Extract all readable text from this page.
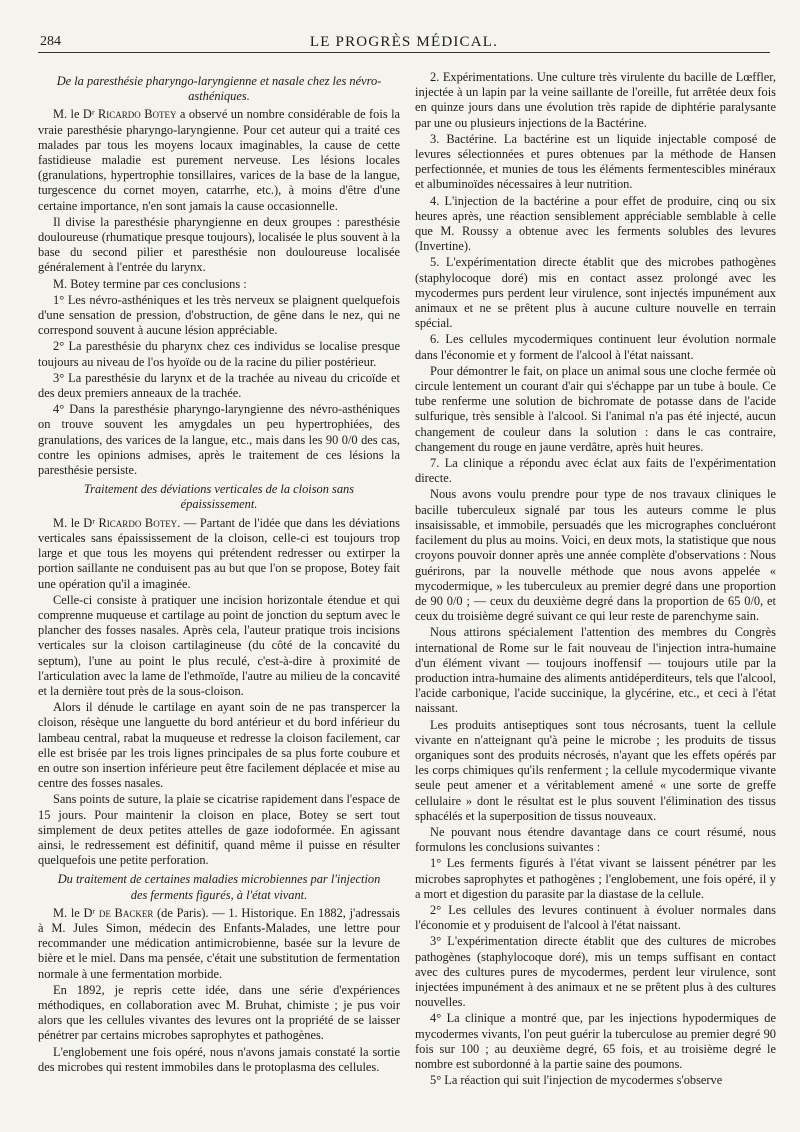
284	LE PROGRÈS MÉDICAL.

De la paresthésie pharyngo-laryngienne et nasale chez les névro-asthéniques.

M. le Dʳ Ricardo Botey a observé un nombre considérable de fois la vraie paresthésie pharyngo-laryngienne. Pour cet auteur qui a traité ces malades par tous les moyens locaux imaginables, la cause de cette fastidieuse maladie est purement nerveuse. Les lésions locales (granulations, hypertrophie tonsillaires, varices de la base de la langue, turgescence du cornet moyen, catarrhe, etc.), à moins d'être d'une certaine importance, n'en sont jamais la cause occasionnelle.

Il divise la paresthésie pharyngienne en deux groupes : paresthésie douloureuse (rhumatique presque toujours), localisée le plus souvent à la base du second pilier et paresthésie non douloureuse localisée généralement à l'entrée du larynx.

M. Botey termine par ces conclusions :

1° Les névro-asthéniques et les très nerveux se plaignent quelquefois d'une sensation de pression, d'obstruction, de gêne dans le nez, qui ne correspond souvent à aucune lésion appréciable.

2° La paresthésie du pharynx chez ces individus se localise presque toujours au niveau de l'os hyoïde ou de la racine du pilier postérieur.

3° La paresthésie du larynx et de la trachée au niveau du cricoïde et des deux premiers anneaux de la trachée.

4° Dans la paresthésie pharyngo-laryngienne des névro-asthéniques on trouve souvent les amygdales un peu hypertrophiées, des granulations, des varices de la langue, etc., mais dans les 90 0/0 des cas, contre les opinions admises, après le traitement de ces lésions la paresthésie persiste.

Traitement des déviations verticales de la cloison sans épaississement.

M. le Dʳ Ricardo Botey. — Partant de l'idée que dans les déviations verticales sans épaississement de la cloison, celle-ci est toujours trop large et que tous les moyens qui prétendent redresser ou extirper la portion saillante ne conduisent pas au but que l'on se propose, Botey fait une opération qu'il a imaginée.

Celle-ci consiste à pratiquer une incision horizontale étendue et qui comprenne muqueuse et cartilage au point de jonction du septum avec le plancher des fosses nasales. Après cela, l'auteur pratique trois incisions verticales sur la cloison cartilagineuse (du côté de la concavité du septum), l'une au point le plus reculé, c'est-à-dire à proximité de l'articulation avec la lame de l'ethmoïde, l'autre au milieu de la concavité et la dernière tout près de la sous-cloison.

Alors il dénude le cartilage en ayant soin de ne pas transpercer la cloison, résèque une languette du bord antérieur et du bord inférieur du lambeau central, rabat la muqueuse et redresse la cloison facilement, car elle est brisée par les trois lignes principales de sa plus forte coubure et en outre son insertion inférieure peut être facilement déplacée et mise au centre des fosses nasales.

Sans points de suture, la plaie se cicatrise rapidement dans l'espace de 15 jours. Pour maintenir la cloison en place, Botey se sert tout simplement de deux petites attelles de gaze iodoformée. En agissant ainsi, le redressement est définitif, quand même il puisse en résulter quelquefois une petite perforation.

Du traitement de certaines maladies microbiennes par l'injection des ferments figurés, à l'état vivant.

M. le Dʳ de Backer (de Paris). — 1. Historique. En 1882, j'adressais à M. Jules Simon, médecin des Enfants-Malades, une lettre pour recommander une médication antimicrobienne, basée sur la levure de bière et le miel. Dans ma pensée, c'était une substitution de fermentation normale à une fermentation morbide.

En 1892, je repris cette idée, dans une série d'expériences méthodiques, en collaboration avec M. Bruhat, chimiste ; je pus voir alors que les cellules vivantes des levures ont la propriété de se laisser pénétrer par certains microbes saprophytes et pathogènes.

L'englobement une fois opéré, nous n'avons jamais constaté la sortie des microbes qui restent immobiles dans le protoplasma des cellules.

2. Expérimentations. Une culture très virulente du bacille de Lœffler, injectée à un lapin par la veine saillante de l'oreille, fut arrêtée deux fois en quinze jours dans une évolution très rapide de diphtérie paralysante par une ou plusieurs injections de la Bactérine.

3. Bactérine. La bactérine est un liquide injectable composé de levures sélectionnées et pures obtenues par la méthode de Hansen perfectionnée, et munies de tous les éléments fermentescibles minéraux et albuminoïdes nécessaires à leur nutrition.

4. L'injection de la bactérine a pour effet de produire, cinq ou six heures après, une réaction sensiblement appréciable semblable à celle que M. Roussy a obtenue avec les ferments solubles des levures (Invertine).

5. L'expérimentation directe établit que des microbes pathogènes (staphylocoque doré) mis en contact assez prolongé avec les mycodermes purs perdent leur virulence, sont injectés impunément aux animaux et ne se prêtent plus à aucune culture nouvelle en terrain spécial.

6. Les cellules mycodermiques continuent leur évolution normale dans l'économie et y forment de l'alcool à l'état naissant.

Pour démontrer le fait, on place un animal sous une cloche fermée où circule lentement un courant d'air qui s'échappe par un tube à boule. Ce tube renferme une solution de bichromate de potasse dans de l'acide sulfurique, très sensible à l'alcool. Si l'animal n'a pas été injecté, aucun changement de couleur dans la solution : dans le cas contraire, changement du rouge en jaune verdâtre, après huit heures.

7. La clinique a répondu avec éclat aux faits de l'expérimentation directe.

Nous avons voulu prendre pour type de nos travaux cliniques le bacille tuberculeux signalé par tous les auteurs comme le plus insaisissable, et immobile, persuadés que les micrographes concluéront facilement du plus au moins. Voici, en deux mots, la statistique que nous croyons pouvoir donner après une année complète d'observations : Nous guérirons, par la nouvelle méthode que nous avons appelée « mycodermique, » les tuberculeux au premier degré dans une proportion de 90 0/0 ; — ceux du deuxième degré dans la proportion de 65 0/0, et ceux du troisième degré suivant ce qui leur reste de parenchyme sain.

Nous attirons spécialement l'attention des membres du Congrès international de Rome sur le fait nouveau de l'injection intra-humaine d'un élément vivant — toujours inoffensif — toujours utile par la production intra-humaine des aliments antidéperditeurs, tels que l'alcool, l'acide carbonique, l'acide succinique, la glycérine, etc., et ceci à l'état naissant.

Les produits antiseptiques sont tous nécrosants, tuent la cellule vivante en n'atteignant qu'à peine le microbe ; les produits de tissus organiques sont des produits nécrosés, n'ayant que les effets opérés par les corps chimiques qu'ils renferment ; la cellule mycodermique vivante seule peut amener et a véritablement amené « une sorte de greffe cellulaire » dont le résultat est le plus souvent l'élimination des tissus sphacélés et la superposition de tissus nouveaux.

Ne pouvant nous étendre davantage dans ce court résumé, nous formulons les conclusions suivantes :

1° Les ferments figurés à l'état vivant se laissent pénétrer par les microbes saprophytes et pathogènes ; l'englobement, une fois opéré, il y a mort et digestion du parasite par la diastase de la cellule.

2° Les cellules des levures continuent à évoluer normales dans l'économie et y produisent de l'alcool à l'état naissant.

3° L'expérimentation directe établit que des cultures de microbes pathogènes (staphylocoque doré), mis un temps suffisant en contact avec des cultures pures de mycodermes, perdent leur virulence, sont injectées impunément à des animaux et ne se prêtent plus à des cultures nouvelles.

4° La clinique a montré que, par les injections hypodermiques de mycodermes vivants, l'on peut guérir la tuberculose au premier degré 90 fois sur 100 ; au deuxième degré, 65 fois, et au troisième degré le nombre est subordonné à la partie saine des poumons.

5° La réaction qui suit l'injection de mycodermes s'observe
